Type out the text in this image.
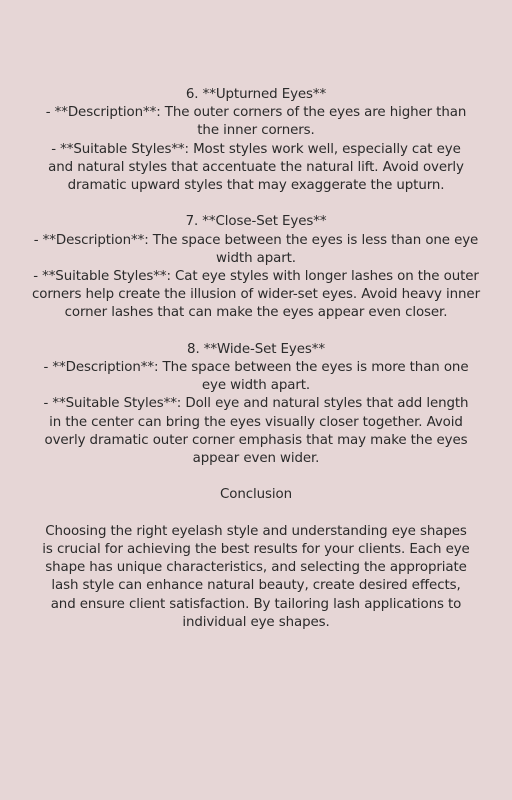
6. **Upturned Eyes**
- **Description**: The outer corners of the eyes are higher than the inner corners.
- **Suitable Styles**: Most styles work well, especially cat eye and natural styles that accentuate the natural lift. Avoid overly dramatic upward styles that may exaggerate the upturn.
7. **Close-Set Eyes**
- **Description**: The space between the eyes is less than one eye width apart.
- **Suitable Styles**: Cat eye styles with longer lashes on the outer corners help create the illusion of wider-set eyes. Avoid heavy inner corner lashes that can make the eyes appear even closer.
8. **Wide-Set Eyes**
- **Description**: The space between the eyes is more than one eye width apart.
- **Suitable Styles**: Doll eye and natural styles that add length in the center can bring the eyes visually closer together. Avoid overly dramatic outer corner emphasis that may make the eyes appear even wider.
Conclusion
Choosing the right eyelash style and understanding eye shapes is crucial for achieving the best results for your clients. Each eye shape has unique characteristics, and selecting the appropriate lash style can enhance natural beauty, create desired effects, and ensure client satisfaction. By tailoring lash applications to individual eye shapes.
